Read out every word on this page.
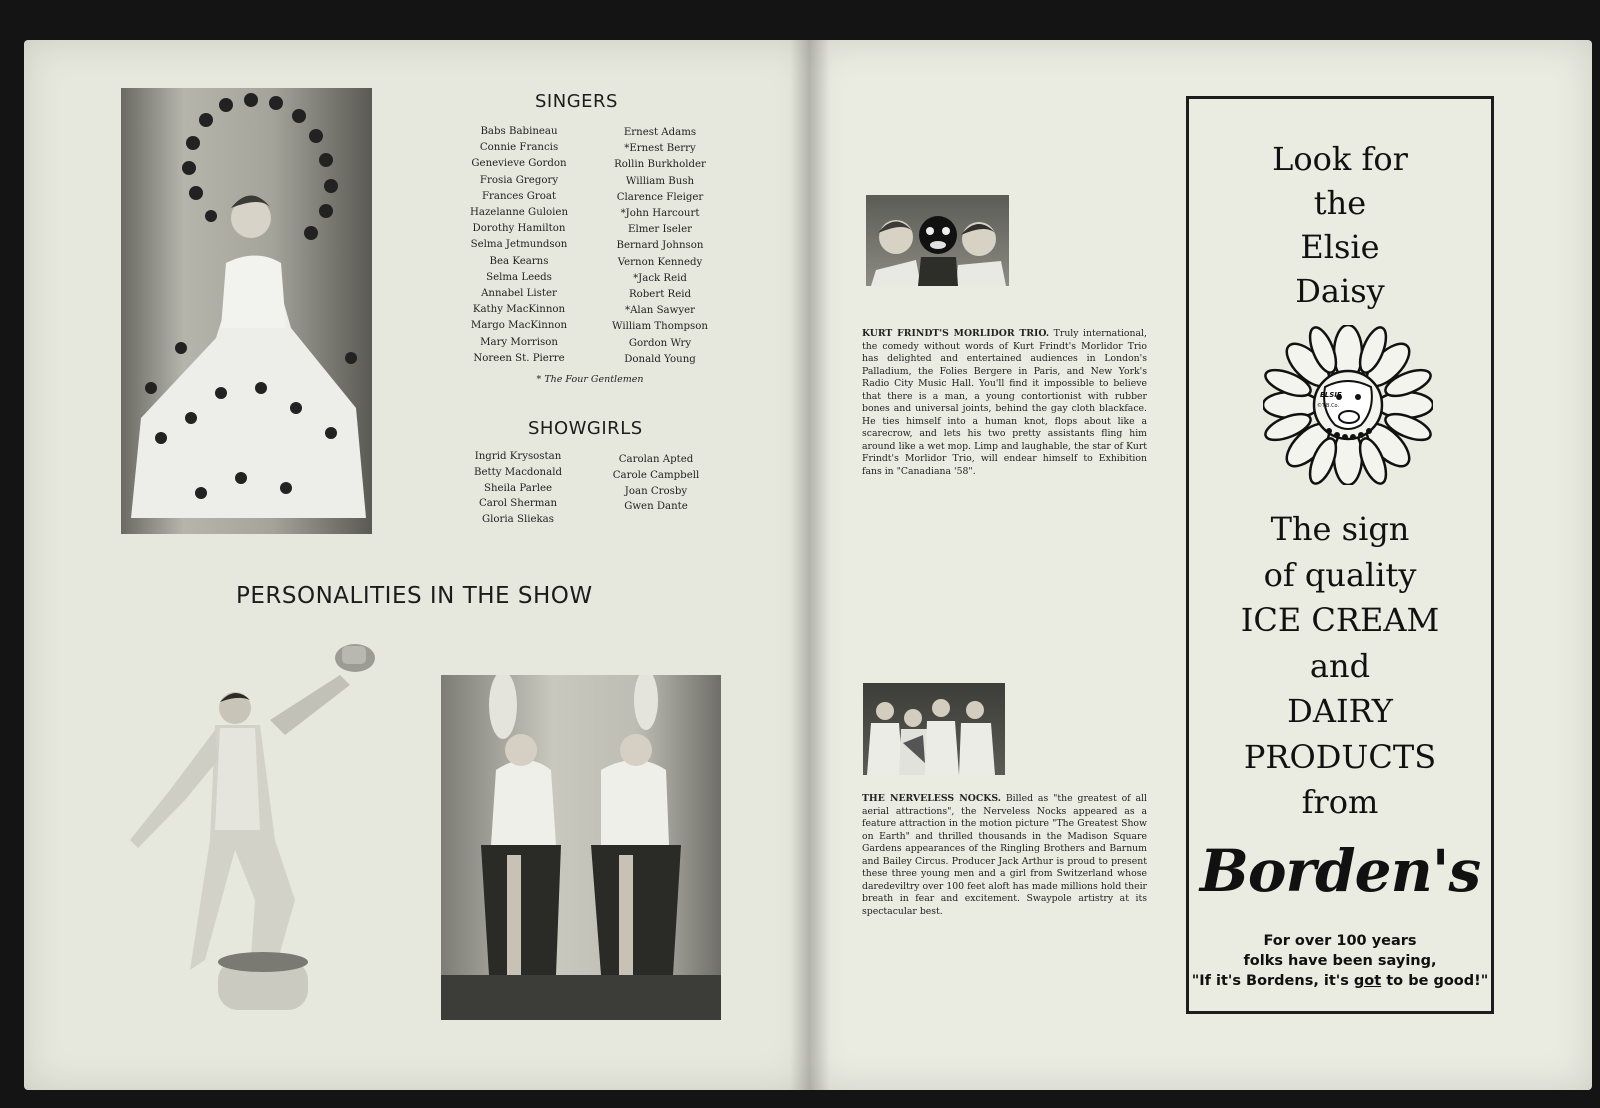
SINGERS
Babs Babineau
Connie Francis
Genevieve Gordon
Frosia Gregory
Frances Groat
Hazelanne Guloien
Dorothy Hamilton
Selma Jetmundson
Bea Kearns
Selma Leeds
Annabel Lister
Kathy MacKinnon
Margo MacKinnon
Mary Morrison
Noreen St. Pierre
Ernest Adams
*Ernest Berry
Rollin Burkholder
William Bush
Clarence Fleiger
*John Harcourt
Elmer Iseler
Bernard Johnson
Vernon Kennedy
*Jack Reid
Robert Reid
*Alan Sawyer
William Thompson
Gordon Wry
Donald Young
* The Four Gentlemen
SHOWGIRLS
Ingrid Krysostan
Betty Macdonald
Sheila Parlee
Carol Sherman
Gloria Sliekas
Carolan Apted
Carole Campbell
Joan Crosby
Gwen Dante
PERSONALITIES IN THE SHOW

KURT FRINDT'S MORLIDOR TRIO. Truly international, the comedy without words of Kurt Frindt's Morlidor Trio has delighted and entertained audiences in London's Palladium, the Folies Bergere in Paris, and New York's Radio City Music Hall. You'll find it impossible to believe that there is a man, a young contortionist with rubber bones and universal joints, behind the gay cloth blackface. He ties himself into a human knot, flops about like a scarecrow, and lets his two pretty assistants fling him around like a wet mop. Limp and laughable, the star of Kurt Frindt's Morlidor Trio, will endear himself to Exhibition fans in "Canadiana '58".

THE NERVELESS NOCKS. Billed as "the greatest of all aerial attractions", the Nerveless Nocks appeared as a feature attraction in the motion picture "The Greatest Show on Earth" and thrilled thousands in the Madison Square Gardens appearances of the Ringling Brothers and Barnum and Bailey Circus. Producer Jack Arthur is proud to present these three young men and a girl from Switzerland whose daredeviltry over 100 feet aloft has made millions hold their breath in fear and excitement. Swaypole artistry at its spectacular best.

Look for
the
Elsie
Daisy
ELSIE
©T.B.Co.
The sign
of quality
ICE CREAM
and
DAIRY
PRODUCTS
from
Borden's
For over 100 years
folks have been saying,
"If it's Bordens, it's got to be good!"
